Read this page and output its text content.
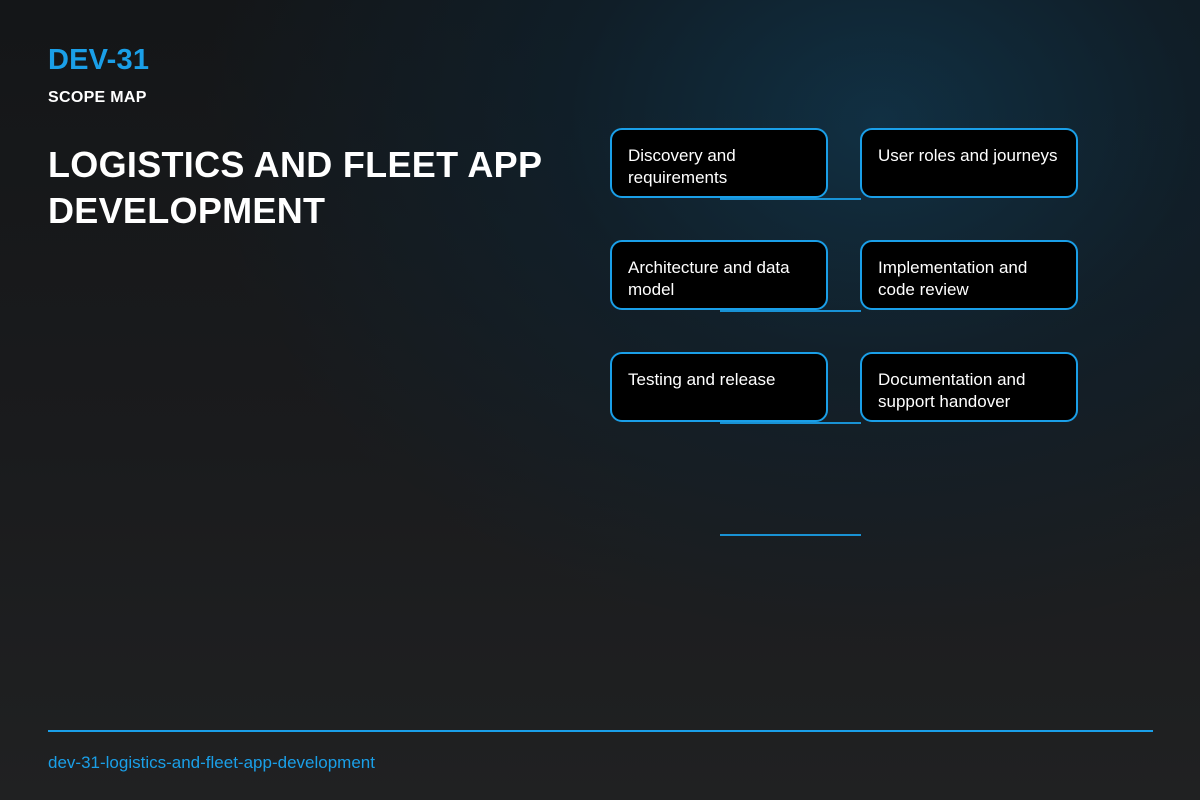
DEV-31
SCOPE MAP
LOGISTICS AND FLEET APP DEVELOPMENT
Discovery and requirements
User roles and journeys
Architecture and data model
Implementation and code review
Testing and release	Documentation and support handover
dev-31-logistics-and-fleet-app-development
